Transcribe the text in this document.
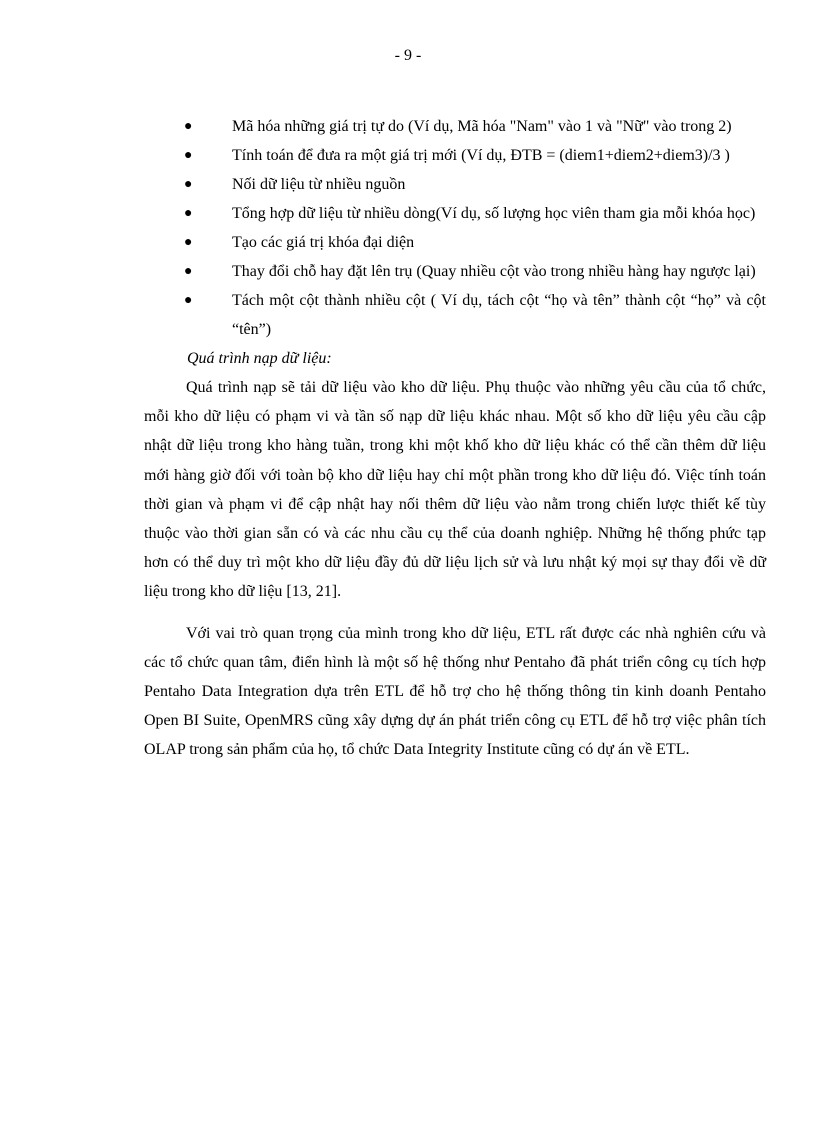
- 9 -
● Mã hóa những giá trị tự do (Ví dụ, Mã hóa "Nam" vào 1 và "Nữ" vào trong 2)
● Tính toán để đưa ra một giá trị mới (Ví dụ, ĐTB = (diem1+diem2+diem3)/3 )
● Nối dữ liệu từ nhiều nguồn
● Tổng hợp dữ liệu từ nhiều dòng(Ví dụ, số lượng học viên tham gia mỗi khóa học)
● Tạo các giá trị khóa đại diện
● Thay đổi chỗ hay đặt lên trụ (Quay nhiều cột vào trong nhiều hàng hay ngược lại)
● Tách một cột thành nhiều cột ( Ví dụ, tách cột “họ và tên” thành cột “họ” và cột “tên”)

Quá trình nạp dữ liệu:

Quá trình nạp sẽ tải dữ liệu vào kho dữ liệu. Phụ thuộc vào những yêu cầu của tổ chức, mỗi kho dữ liệu có phạm vi và tần số nạp dữ liệu khác nhau. Một số kho dữ liệu yêu cầu cập nhật dữ liệu trong kho hàng tuần, trong khi một khố kho dữ liệu khác có thể cần thêm dữ liệu mới hàng giờ đối với toàn bộ kho dữ liệu hay chỉ một phần trong kho dữ liệu đó. Việc tính toán thời gian và phạm vi để cập nhật hay nối thêm dữ liệu vào nằm trong chiến lược thiết kế tùy thuộc vào thời gian sẵn có và các nhu cầu cụ thể của doanh nghiệp. Những hệ thống phức tạp hơn có thể duy trì một kho dữ liệu đầy đủ dữ liệu lịch sử và lưu nhật ký mọi sự thay đổi về dữ liệu trong kho dữ liệu [13, 21].

Với vai trò quan trọng của mình trong kho dữ liệu, ETL rất được các nhà nghiên cứu và các tổ chức quan tâm, điển hình là một số hệ thống như Pentaho đã phát triển công cụ tích hợp Pentaho Data Integration dựa trên ETL để hỗ trợ cho hệ thống thông tin kinh doanh Pentaho Open BI Suite, OpenMRS cũng xây dựng dự án phát triển công cụ ETL để hỗ trợ việc phân tích OLAP trong sản phẩm của họ, tổ chức Data Integrity Institute cũng có dự án về ETL.
